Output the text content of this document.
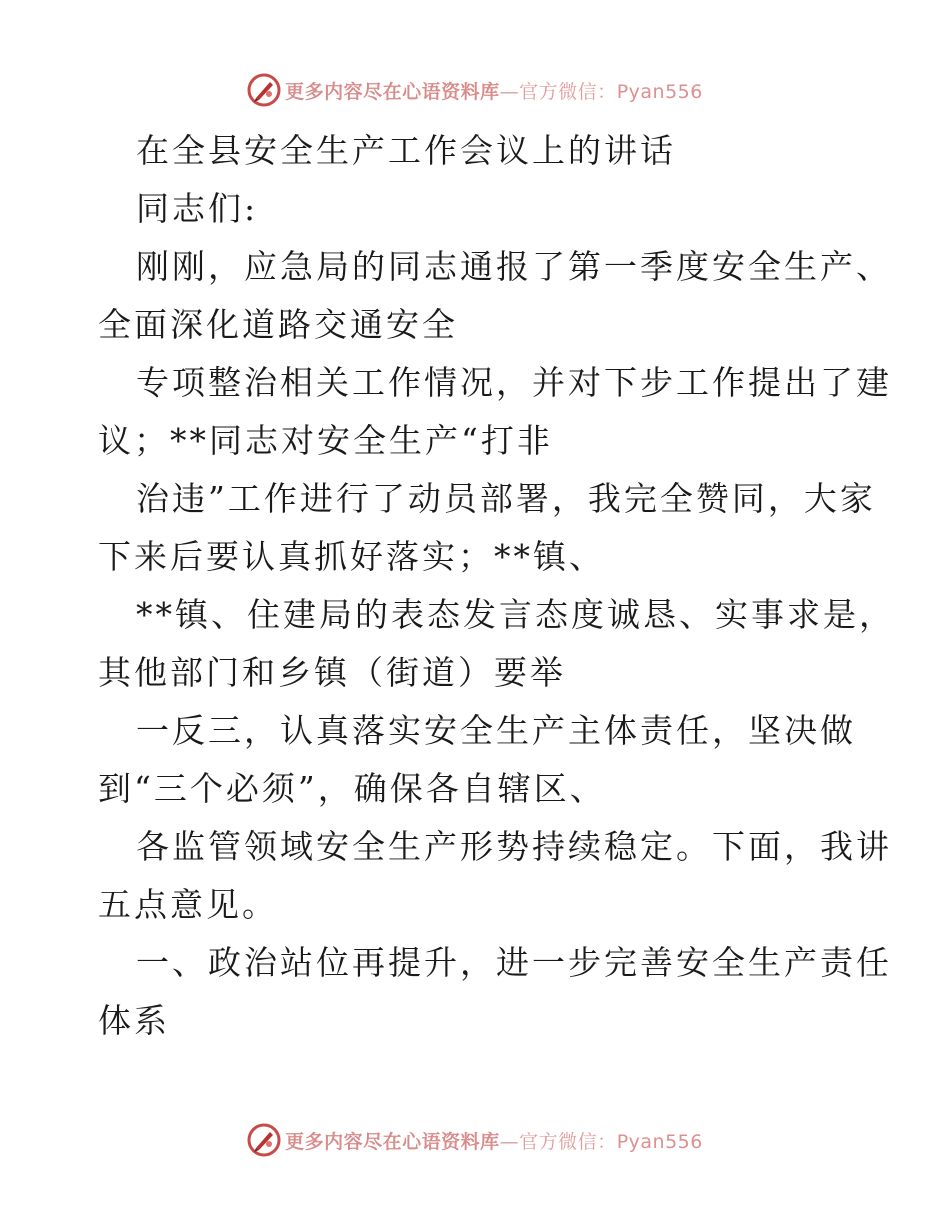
更多内容尽在心语资料库—官方微信：Pyan556
在全县安全生产工作会议上的讲话
同志们:
刚刚，应急局的同志通报了第一季度安全生产、
全面深化道路交通安全
专项整治相关工作情况，并对下步工作提出了建
议；**同志对安全生产“打非
治违”工作进行了动员部署，我完全赞同，大家
下来后要认真抓好落实；**镇、
**镇、住建局的表态发言态度诚恳、实事求是，
其他部门和乡镇（街道）要举
一反三，认真落实安全生产主体责任，坚决做
到“三个必须”，确保各自辖区、
各监管领域安全生产形势持续稳定。下面，我讲
五点意见。
一、政治站位再提升，进一步完善安全生产责任
体系
更多内容尽在心语资料库—官方微信：Pyan556
